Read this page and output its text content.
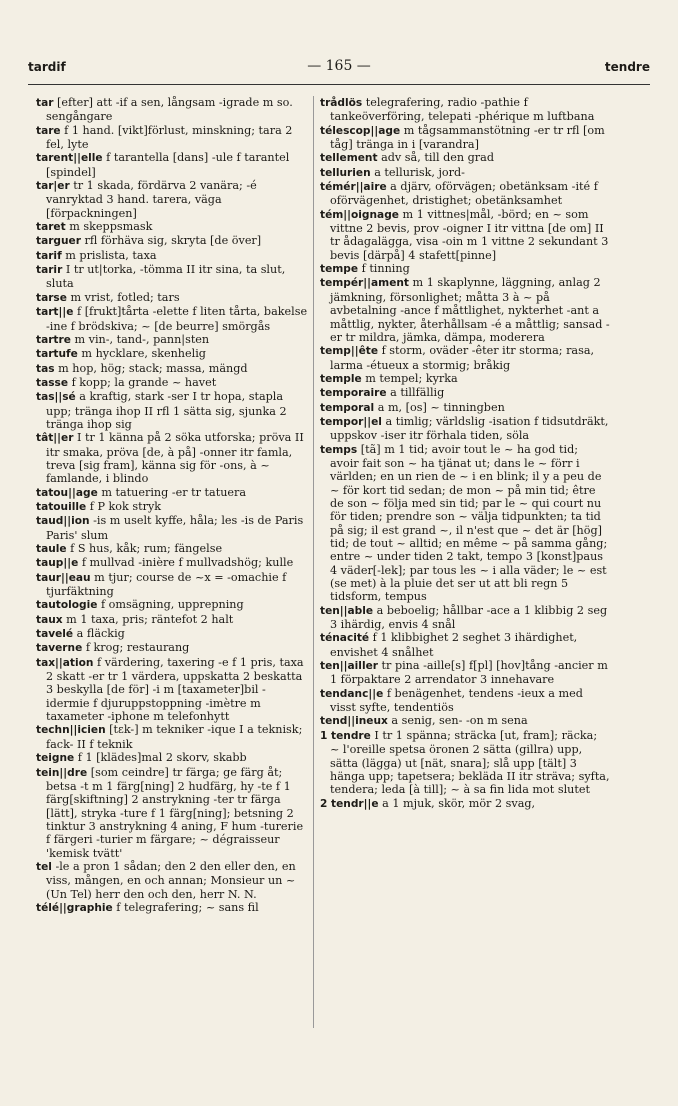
tardif	— 165 —	tendre

tar [efter] att -if a sen, långsam -igrade m so. sengångare

tare f 1 hand. [vikt]förlust, minskning; tara 2 fel, lyte

tarent||elle f tarantella [dans] -ule f tarantel [spindel]

tar|er tr 1 skada, fördärva 2 vanära; -é vanryktad 3 hand. tarera, väga [förpackningen]

taret m skeppsmask

targuer rfl förhäva sig, skryta [de över]

tarif m prislista, taxa

tarir I tr ut|torka, -tömma II itr sina, ta slut, sluta

tarse m vrist, fotled; tars

tart||e f [frukt]tårta -elette f liten tårta, bakelse -ine f brödskiva; ~ [de beurre] smörgås

tartre m vin-, tand-, pann|sten

tartufe m hycklare, skenhelig

tas m hop, hög; stack; massa, mängd

tasse f kopp; la grande ~ havet

tas||sé a kraftig, stark -ser I tr hopa, stapla upp; tränga ihop II rfl 1 sätta sig, sjunka 2 tränga ihop sig

tât||er I tr 1 känna på 2 söka utforska; pröva II itr smaka, pröva [de, à på] -onner itr famla, treva [sig fram], känna sig för -ons, à ~ famlande, i blindo

tatou||age m tatuering -er tr tatuera

tatouille f P kok stryk

taud||ion -is m uselt kyffe, håla; les -is de Paris Paris' slum

taule f S hus, kåk; rum; fängelse

taup||e f mullvad -inière f mullvadshög; kulle

taur||eau m tjur; course de ~x = -omachie f tjurfäktning

tautologie f omsägning, upprepning

taux m 1 taxa, pris; räntefot 2 halt

tavelé a fläckig

taverne f krog; restaurang

tax||ation f värdering, taxering -e f 1 pris, taxa 2 skatt -er tr 1 värdera, uppskatta 2 beskatta 3 beskylla [de för] -i m [taxameter]bil -idermie f djuruppstoppning -imètre m taxameter -iphone m telefonhytt

techn||icien [tɛk-] m tekniker -ique I a teknisk; fack- II f teknik

teigne f 1 [klädes]mal 2 skorv, skabb

tein||dre [som ceindre] tr färga; ge färg åt; betsa -t m 1 färg[ning] 2 hudfärg, hy -te f 1 färg[skiftning] 2 anstrykning -ter tr färga [lätt], stryka -ture f 1 färg[ning]; betsning 2 tinktur 3 anstrykning 4 aning, F hum -turerie f färgeri -turier m färgare; ~ dégraisseur 'kemisk tvätt'

tel -le a pron 1 sådan; den 2 den eller den, en viss, mången, en och annan; Monsieur un ~ (Un Tel) herr den och den, herr N. N.

télé||graphie f telegrafering; ~ sans fil

trådlös telegrafering, radio -pathie f tankeöverföring, telepati -phérique m luftbana

télescop||age m tågsammanstötning -er tr rfl [om tåg] tränga in i [varandra]

tellement adv så, till den grad

tellurien a tellurisk, jord-

témér||aire a djärv, oförvägen; obetänksam -ité f oförvägenhet, dristighet; obetänksamhet

tém||oignage m 1 vittnes|mål, -börd; en ~ som vittne 2 bevis, prov -oigner I itr vittna [de om] II tr ådagalägga, visa -oin m 1 vittne 2 sekundant 3 bevis [därpå] 4 stafett[pinne]

tempe f tinning

tempér||ament m 1 skaplynne, läggning, anlag 2 jämkning, försonlighet; måtta 3 à ~ på avbetalning -ance f måttlighet, nykterhet -ant a måttlig, nykter, återhållsam -é a måttlig; sansad -er tr mildra, jämka, dämpa, moderera

temp||ête f storm, oväder -êter itr storma; rasa, larma -étueux a stormig; bråkig

temple m tempel; kyrka

temporaire a tillfällig

temporal a m, [os] ~ tinningben

tempor||el a timlig; världslig -isation f tidsutdräkt, uppskov -iser itr förhala tiden, söla

temps [tã] m 1 tid; avoir tout le ~ ha god tid; avoir fait son ~ ha tjänat ut; dans le ~ förr i världen; en un rien de ~ i en blink; il y a peu de ~ för kort tid sedan; de mon ~ på min tid; être de son ~ följa med sin tid; par le ~ qui court nu för tiden; prendre son ~ välja tidpunkten; ta tid på sig; il est grand ~, il n'est que ~ det är [hög] tid; de tout ~ alltid; en même ~ på samma gång; entre ~ under tiden 2 takt, tempo 3 [konst]paus 4 väder[-lek]; par tous les ~ i alla väder; le ~ est (se met) à la pluie det ser ut att bli regn 5 tidsform, tempus

ten||able a beboelig; hållbar -ace a 1 klibbig 2 seg 3 ihärdig, envis 4 snål

ténacité f 1 klibbighet 2 seghet 3 ihärdighet, envishet 4 snålhet

ten||ailler tr pina -aille[s] f[pl] [hov]tång -ancier m 1 förpaktare 2 arrendator 3 innehavare

tendanc||e f benägenhet, tendens -ieux a med visst syfte, tendentiös

tend||ineux a senig, sen- -on m sena

1 tendre I tr 1 spänna; sträcka [ut, fram]; räcka; ~ l'oreille spetsa öronen 2 sätta (gillra) upp, sätta (lägga) ut [nät, snara]; slå upp [tält] 3 hänga upp; tapetsera; bekläda II itr sträva; syfta, tendera; leda [à till]; ~ à sa fin lida mot slutet

2 tendr||e a 1 mjuk, skör, mör 2 svag,
